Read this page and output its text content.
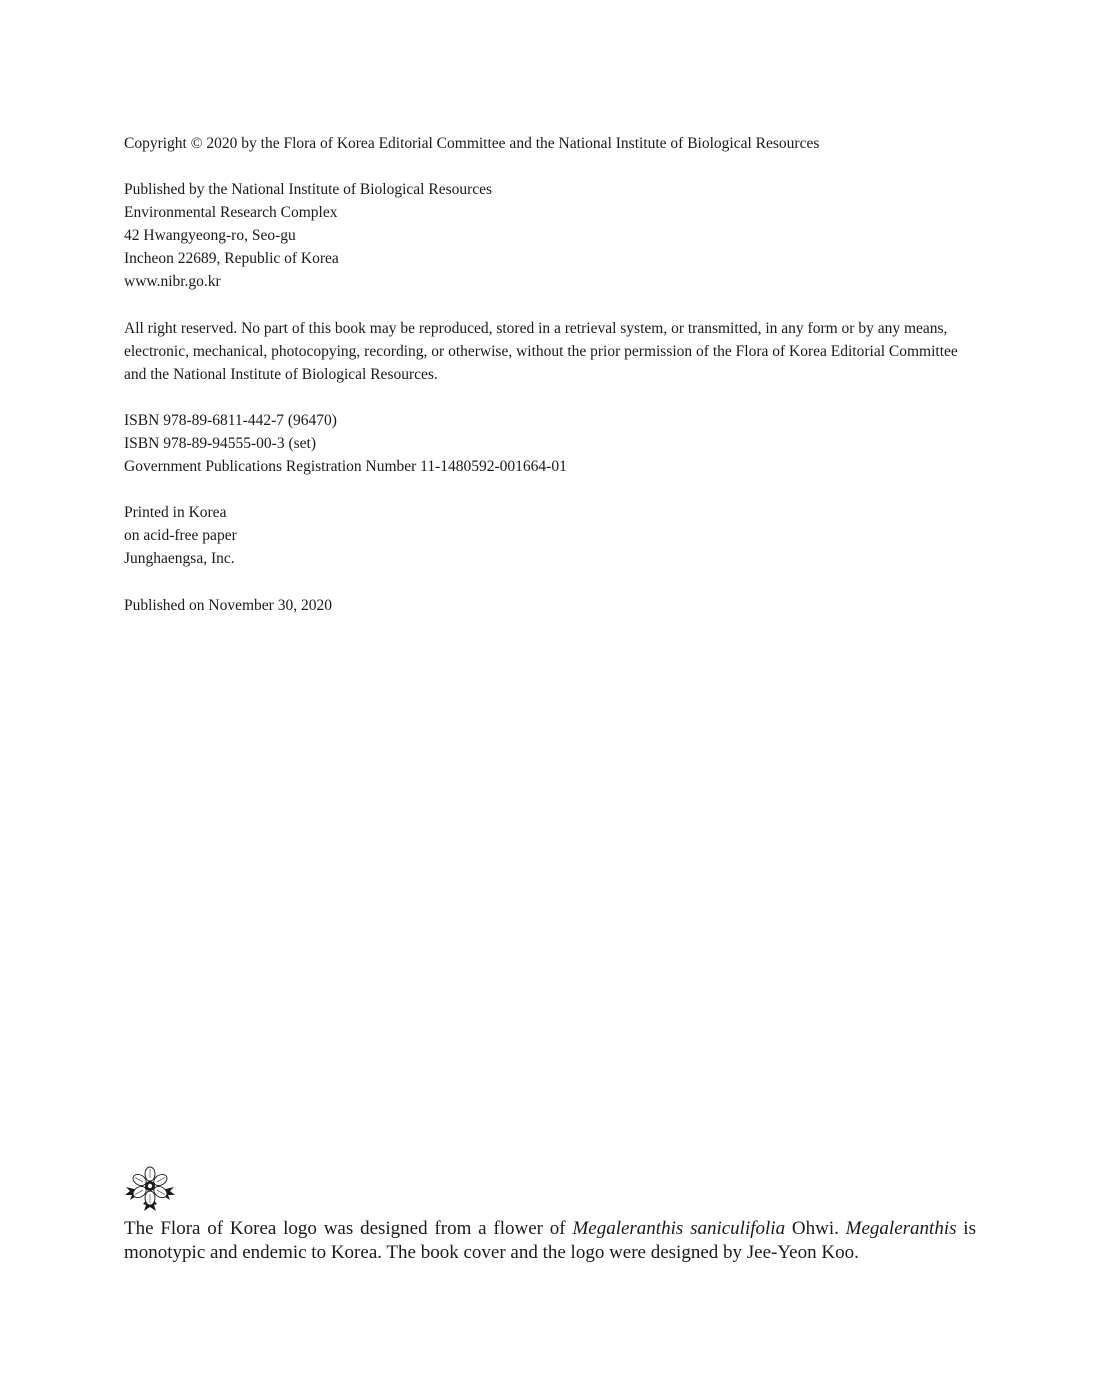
Copyright © 2020 by the Flora of Korea Editorial Committee and the National Institute of Biological Resources
Published by the National Institute of Biological Resources
Environmental Research Complex
42 Hwangyeong-ro, Seo-gu
Incheon 22689, Republic of Korea
www.nibr.go.kr
All right reserved. No part of this book may be reproduced, stored in a retrieval system, or transmitted, in any form or by any means, electronic, mechanical, photocopying, recording, or otherwise, without the prior permission of the Flora of Korea Editorial Committee and the National Institute of Biological Resources.
ISBN 978-89-6811-442-7 (96470)
ISBN 978-89-94555-00-3 (set)
Government Publications Registration Number 11-1480592-001664-01
Printed in Korea
on acid-free paper
Junghaengsa, Inc.
Published on November 30, 2020
The Flora of Korea logo was designed from a flower of Megaleranthis saniculifolia Ohwi. Megaleranthis is monotypic and endemic to Korea. The book cover and the logo were designed by Jee-Yeon Koo.
